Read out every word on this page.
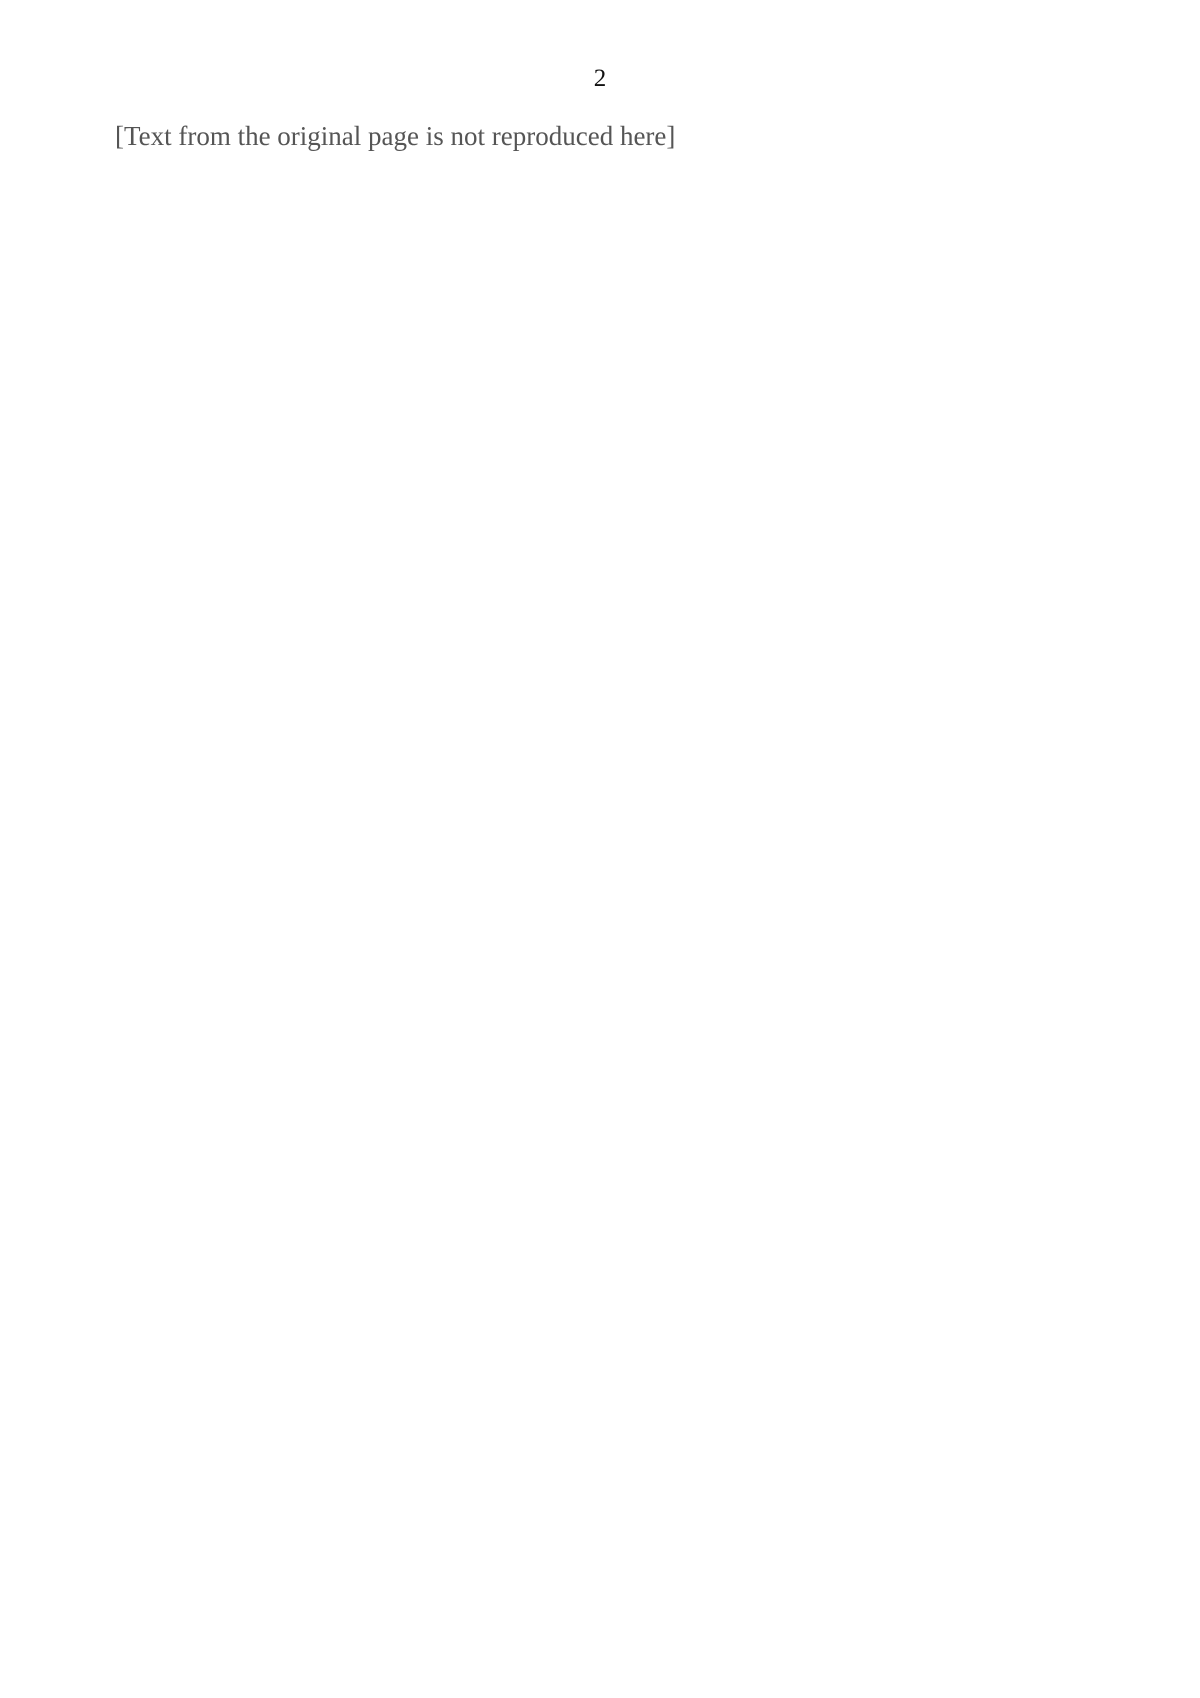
2

[Text from the original page is not reproduced here]
